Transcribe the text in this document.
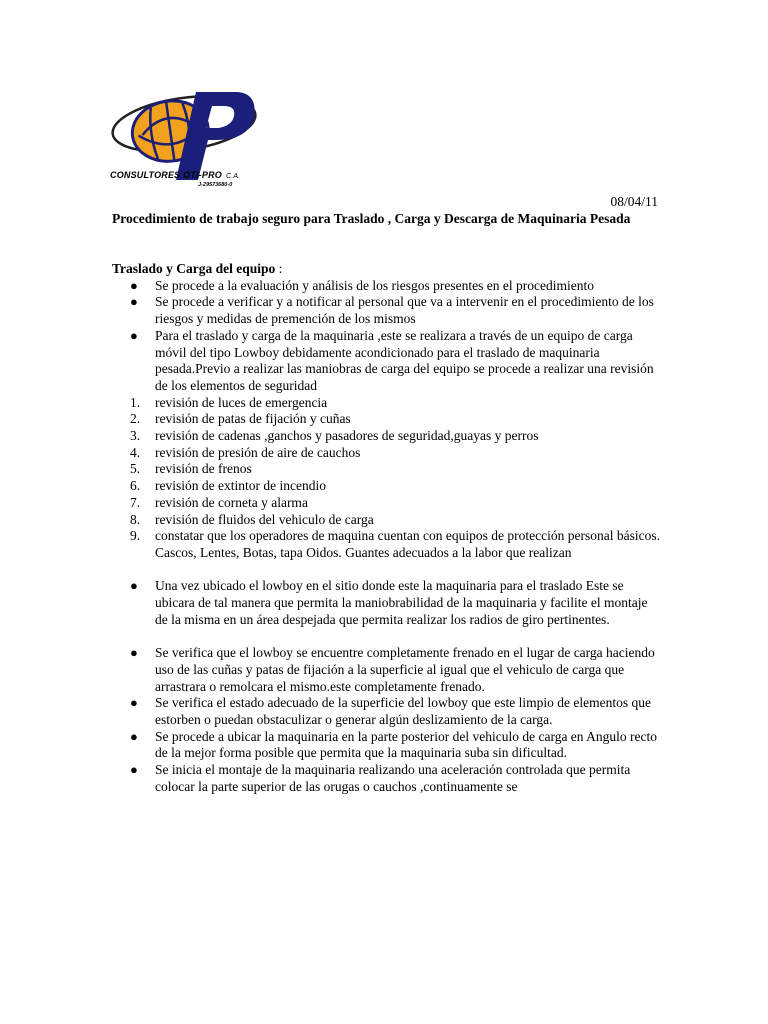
CONSULTORES OTI-PRO C.A.
J-29573680-0
08/04/11
Procedimiento de trabajo seguro para Traslado , Carga y Descarga de Maquinaria Pesada

Traslado y Carga del equipo :

● Se procede a la evaluación y análisis de los riesgos presentes en el procedimiento
● Se procede a verificar y a notificar al personal que va a intervenir en el procedimiento de los riesgos y medidas de premención de los mismos
● Para el traslado y carga de la maquinaria ,este se realizara a través de un equipo de carga móvil del tipo Lowboy debidamente acondicionado para el traslado de maquinaria pesada.Previo a realizar las maniobras de carga del equipo se procede a realizar una revisión de los elementos de seguridad
1. revisión de luces de emergencia
2. revisión de patas de fijación y cuñas
3. revisión de cadenas ,ganchos y pasadores de seguridad,guayas y perros
4. revisión de presión de aire de cauchos
5. revisión de frenos
6. revisión de extintor de incendio
7. revisión de corneta y alarma
8. revisión de fluidos del vehiculo de carga
9. constatar que los operadores de maquina cuentan con equipos de protección personal básicos. Cascos, Lentes, Botas, tapa Oidos. Guantes adecuados a la labor que realizan
● Una vez ubicado el lowboy en el sitio donde este la maquinaria para el traslado Este se ubicara de tal manera que permita la maniobrabilidad de la maquinaria y facilite el montaje de la misma en un área despejada que permita realizar los radios de giro pertinentes.
● Se verifica que el lowboy se encuentre completamente frenado en el lugar de carga haciendo uso de las cuñas y patas de fijación a la superficie al igual que el vehiculo de carga que arrastrara o remolcara el mismo.este completamente frenado.
● Se verifica el estado adecuado de la superficie del lowboy que este limpio de elementos que estorben o puedan obstaculizar o generar algún deslizamiento de la carga.
● Se procede a ubicar la maquinaria en la parte posterior del vehiculo de carga en Angulo recto de la mejor forma posible que permita que la maquinaria suba sin dificultad.
● Se inicia el montaje de la maquinaria realizando una aceleración controlada que permita colocar la parte superior de las orugas o cauchos ,continuamente se
